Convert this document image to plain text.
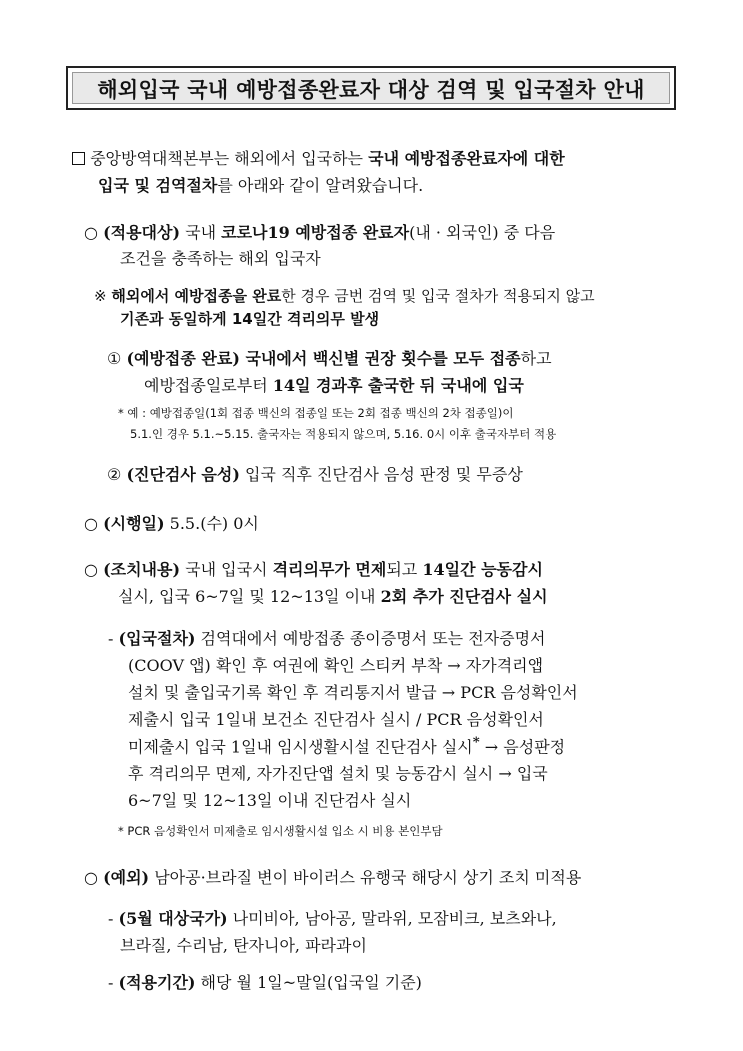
해외입국 국내 예방접종완료자 대상 검역 및 입국절차 안내
중앙방역대책본부는 해외에서 입국하는 국내 예방접종완료자에 대한
입국 및 검역절차를 아래와 같이 알려왔습니다.
○ (적용대상) 국내 코로나19 예방접종 완료자(내 · 외국인) 중 다음
조건을 충족하는 해외 입국자
※ 해외에서 예방접종을 완료한 경우 금번 검역 및 입국 절차가 적용되지 않고
기존과 동일하게 14일간 격리의무 발생
① (예방접종 완료) 국내에서 백신별 권장 횟수를 모두 접종하고
예방접종일로부터 14일 경과후 출국한 뒤 국내에 입국
* 예 : 예방접종일(1회 접종 백신의 접종일 또는 2회 접종 백신의 2차 접종일)이
5.1.인 경우 5.1.~5.15. 출국자는 적용되지 않으며, 5.16. 0시 이후 출국자부터 적용
② (진단검사 음성) 입국 직후 진단검사 음성 판정 및 무증상
○ (시행일) 5.5.(수) 0시
○ (조치내용) 국내 입국시 격리의무가 면제되고 14일간 능동감시
실시, 입국 6~7일 및 12~13일 이내 2회 추가 진단검사 실시
- (입국절차) 검역대에서 예방접종 종이증명서 또는 전자증명서
(COOV 앱) 확인 후 여권에 확인 스티커 부착 → 자가격리앱
설치 및 출입국기록 확인 후 격리통지서 발급 → PCR 음성확인서
제출시 입국 1일내 보건소 진단검사 실시 / PCR 음성확인서
미제출시 입국 1일내 임시생활시설 진단검사 실시* → 음성판정
후 격리의무 면제, 자가진단앱 설치 및 능동감시 실시 → 입국
6~7일 및 12~13일 이내 진단검사 실시
* PCR 음성확인서 미제출로 임시생활시설 입소 시 비용 본인부담
○ (예외) 남아공·브라질 변이 바이러스 유행국 해당시 상기 조치 미적용
- (5월 대상국가) 나미비아, 남아공, 말라위, 모잠비크, 보츠와나,
브라질, 수리남, 탄자니아, 파라과이
- (적용기간) 해당 월 1일~말일(입국일 기준)
